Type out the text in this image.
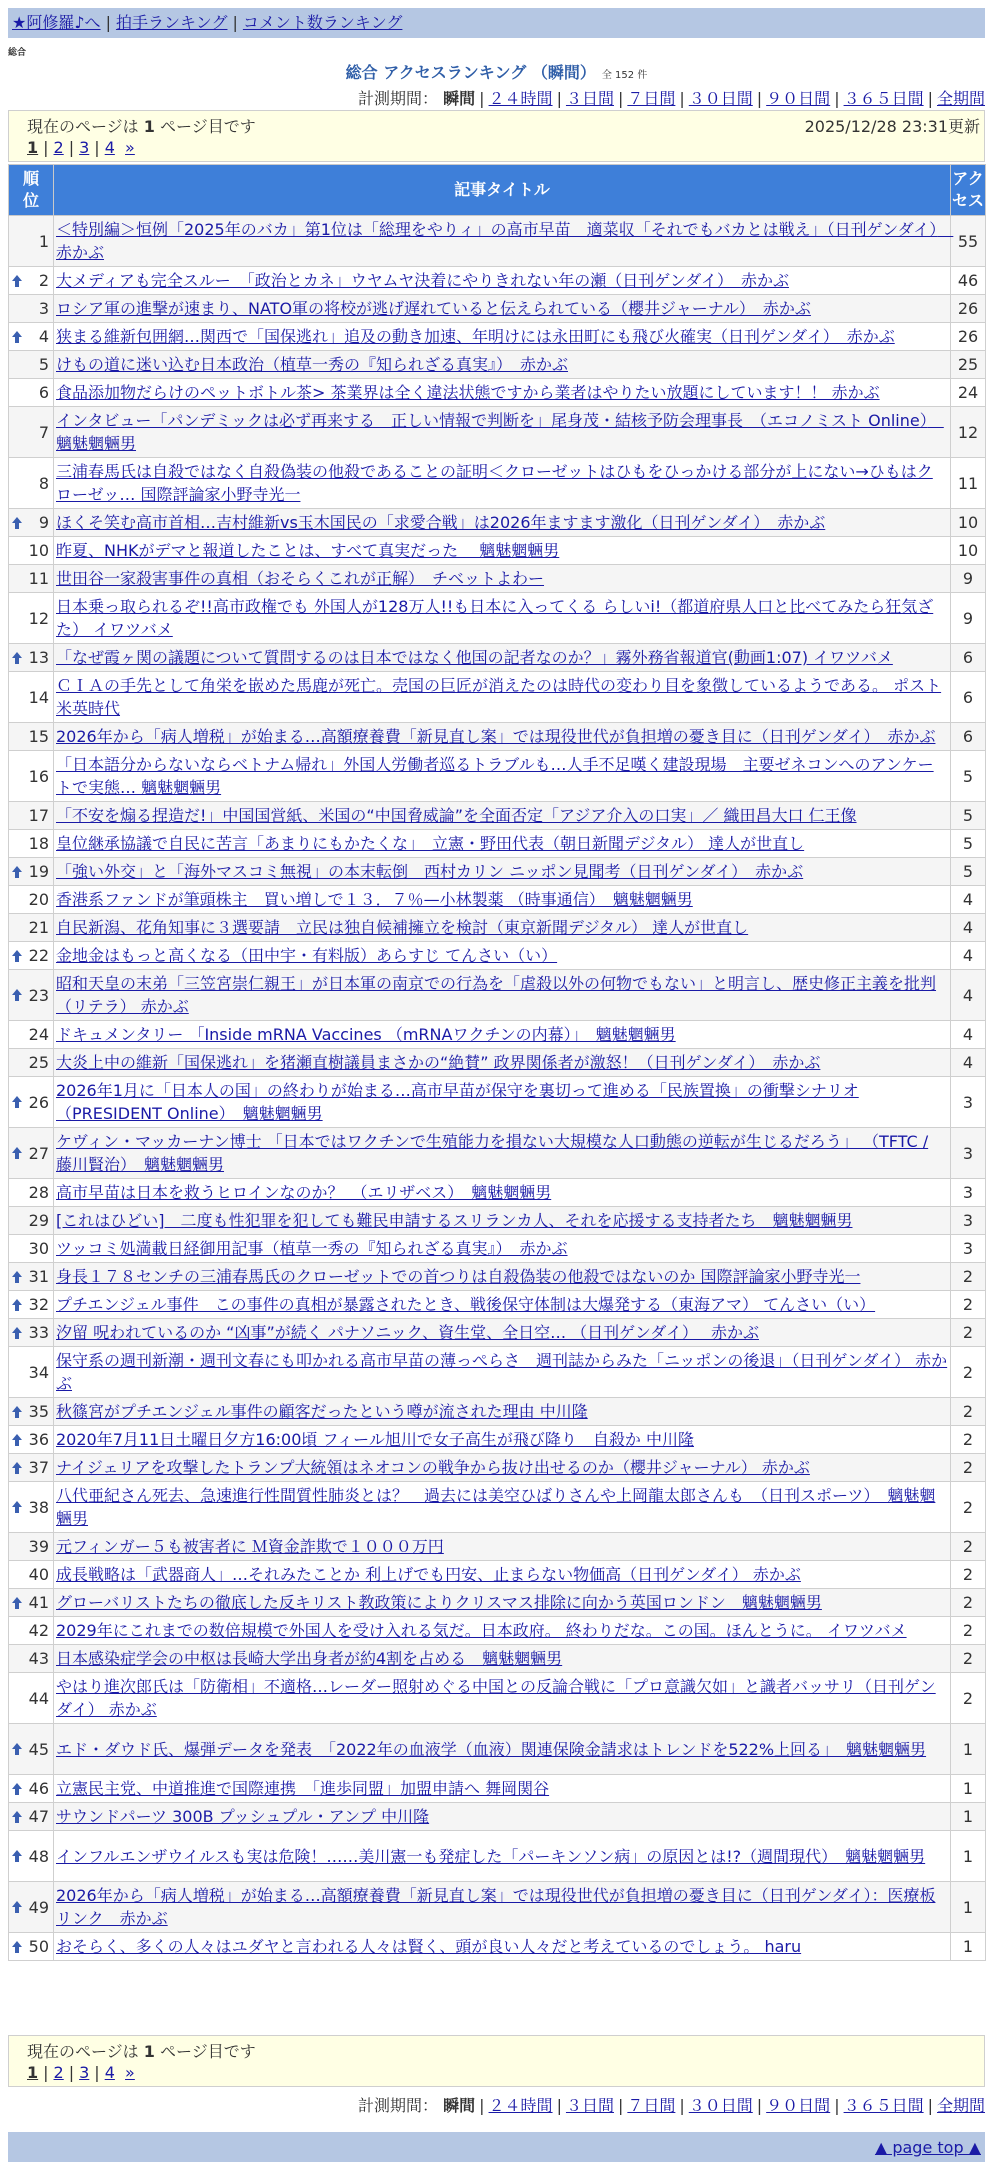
★阿修羅♪へ | 拍手ランキング | コメント数ランキング
総合
総合 アクセスランキング （瞬間） 全 152 件
計測期間： 瞬間 | ２４時間 | ３日間 | ７日間 | ３０日間 | ９０日間 | ３６５日間 | 全期間
現在のページは 1 ページ目です	2025/12/28 23:31更新
1 | 2 | 3 | 4 »
順位	記事タイトル	アクセス
1	＜特別編＞恒例「2025年のバカ」第1位は「総理をやりィ」の高市早苗　適菜収「それでもバカとは戦え」（日刊ゲンダイ）　赤かぶ	55

2	大メディアも完全スルー　「政治とカネ」ウヤムヤ決着にやりきれない年の瀬（日刊ゲンダイ）　赤かぶ	46
3	ロシア軍の進撃が速まり、NATO軍の将校が逃げ遅れていると伝えられている（櫻井ジャーナル）　赤かぶ	26

4	狭まる維新包囲網…関西で「国保逃れ」追及の動き加速、年明けには永田町にも飛び火確実（日刊ゲンダイ）　赤かぶ	26
5	けもの道に迷い込む日本政治（植草一秀の『知られざる真実』）　赤かぶ	25
6	食品添加物だらけのペットボトル茶> 茶業界は全く違法状態ですから業者はやりたい放題にしています！！ 赤かぶ	24
7	インタビュー「パンデミックは必ず再来する　正しい情報で判断を」尾身茂・結核予防会理事長　（エコノミスト Online）　魑魅魍魎男	12
8	三浦春馬氏は自殺ではなく自殺偽装の他殺であることの証明＜クローゼットはひもをひっかける部分が上にない→ひもはクローゼッ… 国際評論家小野寺光一	11

9	ほくそ笑む高市首相…吉村維新vs玉木国民の「求愛合戦」は2026年ますます激化（日刊ゲンダイ）　赤かぶ	10
10	昨夏、NHKがデマと報道したことは、すべて真実だった　 魑魅魍魎男	10
11	世田谷一家殺害事件の真相（おそらくこれが正解）　チベットよわー	9
12	日本乗っ取られるぞ!!高市政権でも 外国人が128万人!!も日本に入ってくる らしいi!（都道府県人口と比べてみたら狂気ざた） イワツバメ	9

13	「なぜ霞ヶ関の議題について質問するのは日本ではなく他国の記者なのか？」霧外務省報道官(動画1:07) イワツバメ	6
14	ＣＩＡの手先として角栄を嵌めた馬鹿が死亡。売国の巨匠が消えたのは時代の変わり目を象徴しているようである。 ポスト米英時代	6
15	2026年から「病人増税」が始まる…高額療養費「新見直し案」では現役世代が負担増の憂き目に（日刊ゲンダイ）　赤かぶ	6
16	「日本語分からないならベトナム帰れ」外国人労働者巡るトラブルも…人手不足嘆く建設現場　主要ゼネコンへのアンケートで実態… 魑魅魍魎男	5
17	「不安を煽る捏造だ!」中国国営紙、米国の“中国脅威論”を全面否定「アジア介入の口実」／ 織田昌大口 仁王像	5
18	皇位継承協議で自民に苦言「あまりにもかたくな」　立憲・野田代表（朝日新聞デジタル） 達人が世直し	5

19	「強い外交」と「海外マスコミ無視」の本末転倒　西村カリン ニッポン見聞考（日刊ゲンダイ）　赤かぶ	5
20	香港系ファンドが筆頭株主　買い増しで１３．７％—小林製薬 （時事通信）　魑魅魍魎男	4
21	自民新潟、花角知事に３選要請　立民は独自候補擁立を検討（東京新聞デジタル） 達人が世直し	4

22	金地金はもっと高くなる（田中宇・有料版）あらすじ てんさい（い）	4

23	昭和天皇の末弟「三笠宮崇仁親王」が日本軍の南京での行為を「虐殺以外の何物でもない」と明言し、歴史修正主義を批判（リテラ） 赤かぶ	4
24	ドキュメンタリー 「Inside mRNA Vaccines （mRNAワクチンの内幕）」　魑魅魍魎男	4
25	大炎上中の維新「国保逃れ」を猪瀬直樹議員まさかの“絶賛” 政界関係者が激怒！（日刊ゲンダイ）　赤かぶ	4

26	2026年1月に「日本人の国」の終わりが始まる…高市早苗が保守を裏切って進める「民族置換」の衝撃シナリオ （PRESIDENT Online）　魑魅魍魎男	3

27	ケヴィン・マッカーナン博士 「日本ではワクチンで生殖能力を損ない大規模な人口動態の逆転が生じるだろう」 （TFTC / 藤川賢治）　魑魅魍魎男	3
28	高市早苗は日本を救うヒロインなのか？　（エリザベス）　魑魅魍魎男	3
29	[これはひどい]　二度も性犯罪を犯しても難民申請するスリランカ人、それを応援する支持者たち　魑魅魍魎男	3
30	ツッコミ処満載日経御用記事（植草一秀の『知られざる真実』）　赤かぶ	3

31	身長１７８センチの三浦春馬氏のクローゼットでの首つりは自殺偽装の他殺ではないのか 国際評論家小野寺光一	2

32	プチエンジェル事件　この事件の真相が暴露されたとき、戦後保守体制は大爆発する（東海アマ） てんさい（い）	2

33	汐留 呪われているのか “凶事”が続く パナソニック、資生堂、全日空… （日刊ゲンダイ）　 赤かぶ	2
34	保守系の週刊新潮・週刊文春にも叩かれる高市早苗の薄っぺらさ　週刊誌からみた「ニッポンの後退」（日刊ゲンダイ） 赤かぶ	2

35	秋篠宮がプチエンジェル事件の顧客だったという噂が流された理由 中川隆	2

36	2020年7月11日土曜日夕方16:00頃 フィール旭川で女子高生が飛び降り　自殺か 中川隆	2

37	ナイジェリアを攻撃したトランプ大統領はネオコンの戦争から抜け出せるのか（櫻井ジャーナル） 赤かぶ	2

38	八代亜紀さん死去、急速進行性間質性肺炎とは？　過去には美空ひばりさんや上岡龍太郎さんも　（日刊スポーツ）　魑魅魍魎男	2
39	元フィンガー５も被害者に Ｍ資金詐欺で１０００万円	2
40	成長戦略は「武器商人」…それみたことか 利上げでも円安、止まらない物価高（日刊ゲンダイ） 赤かぶ	2

41	グローバリストたちの徹底した反キリスト教政策によりクリスマス排除に向かう英国ロンドン　魑魅魍魎男	2
42	2029年にこれまでの数倍規模で外国人を受け入れる気だ。日本政府。 終わりだな。この国。ほんとうに。 イワツバメ	2
43	日本感染症学会の中枢は長崎大学出身者が約4割を占める　魑魅魍魎男	2
44	やはり進次郎氏は「防衛相」不適格…レーダー照射めぐる中国との反論合戦に「プロ意識欠如」と識者バッサリ（日刊ゲンダイ） 赤かぶ	2

45	エド・ダウド氏、爆弾データを発表　「2022年の血液学（血液）関連保険金請求はトレンドを522%上回る」　魑魅魍魎男	1

46	立憲民主党、中道推進で国際連携　「進歩同盟」加盟申請へ 舞岡関谷	1

47	サウンドパーツ 300B プッシュプル・アンプ 中川隆	1

48	インフルエンザウイルスも実は危険！……美川憲一も発症した「パーキンソン病」の原因とは!?（週間現代）　魑魅魍魎男	1

49	2026年から「病人増税」が始まる…高額療養費「新見直し案」では現役世代が負担増の憂き目に（日刊ゲンダイ）：医療板リンク　赤かぶ	1

50	おそらく、多くの人々はユダヤと言われる人々は賢く、頭が良い人々だと考えているのでしょう。 haru	1
現在のページは 1 ページ目です
1 | 2 | 3 | 4 »
計測期間： 瞬間 | ２４時間 | ３日間 | ７日間 | ３０日間 | ９０日間 | ３６５日間 | 全期間
▲ page top ▲
